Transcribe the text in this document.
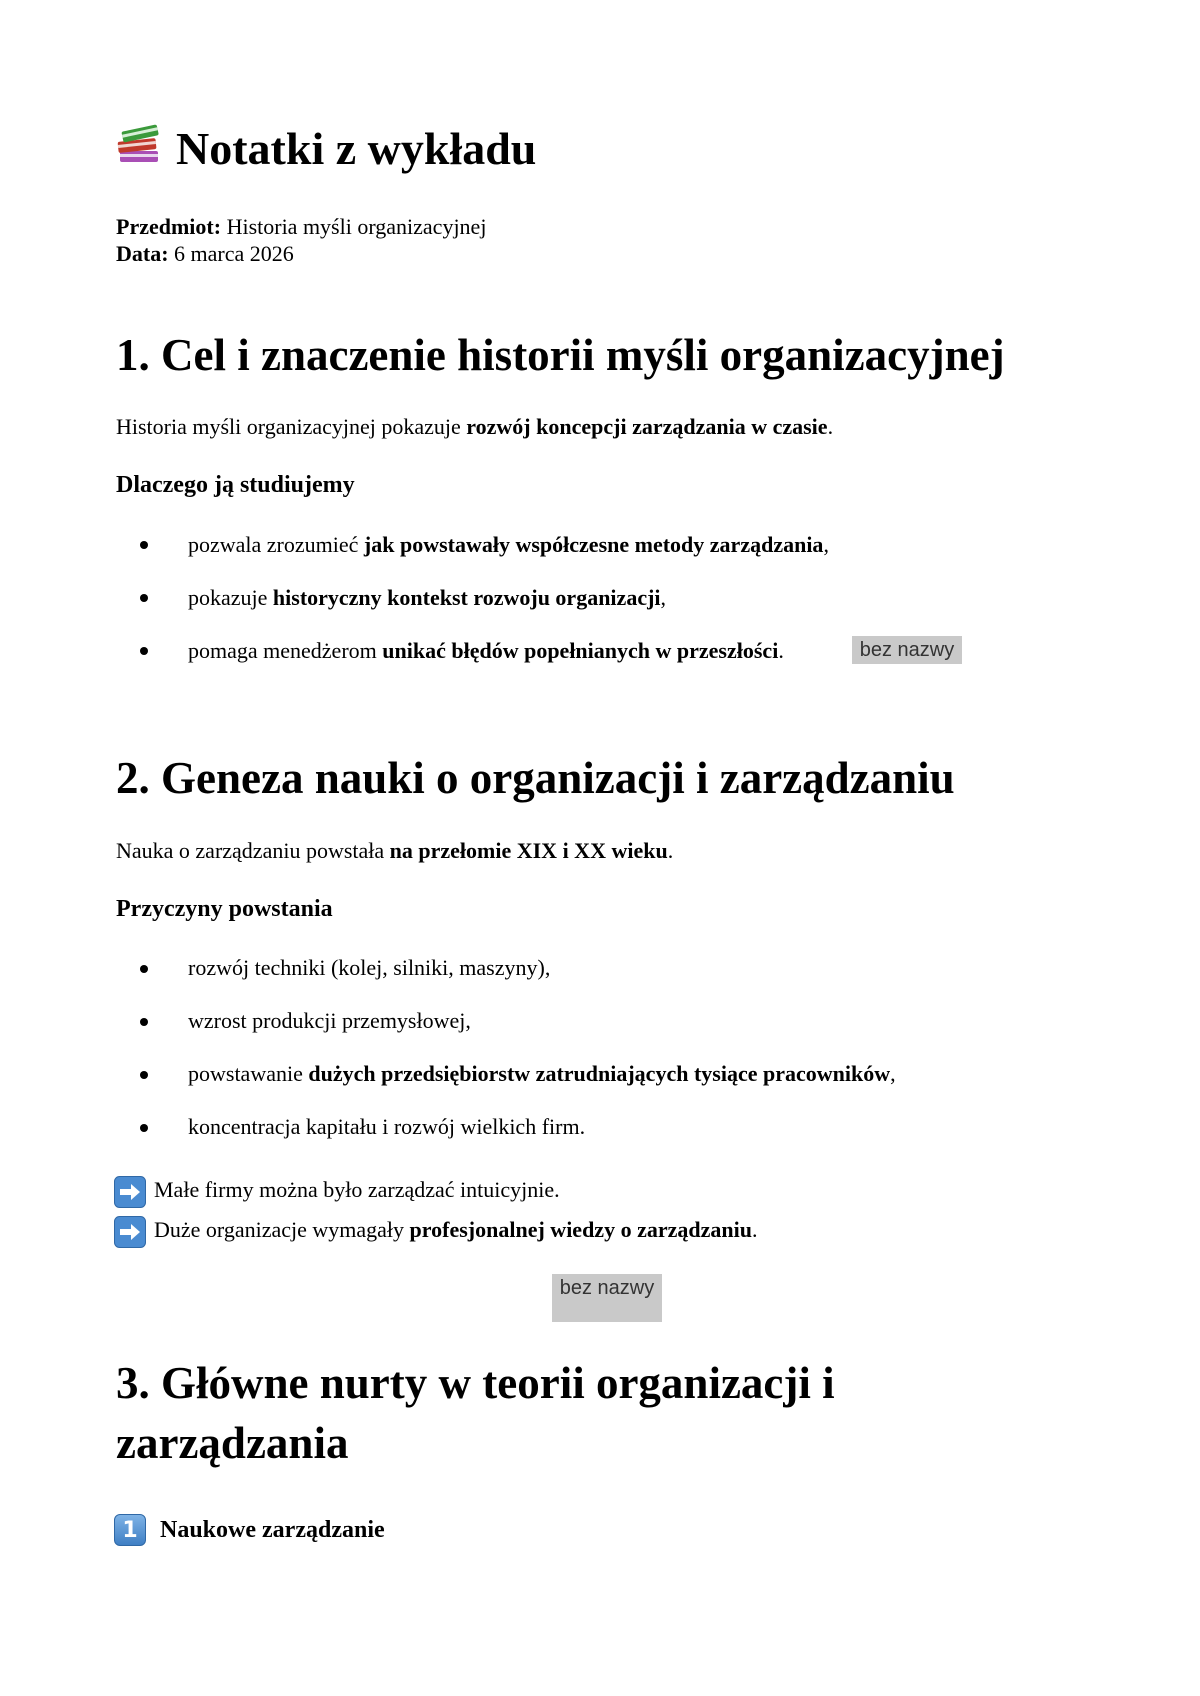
Notatki z wykładu
Przedmiot: Historia myśli organizacyjnej
Data: 6 marca 2026
1. Cel i znaczenie historii myśli organizacyjnej
Historia myśli organizacyjnej pokazuje rozwój koncepcji zarządzania w czasie.
Dlaczego ją studiujemy
pozwala zrozumieć jak powstawały współczesne metody zarządzania,
pokazuje historyczny kontekst rozwoju organizacji,
pomaga menedżerom unikać błędów popełnianych w przeszłości.	bez nazwy
2. Geneza nauki o organizacji i zarządzaniu
Nauka o zarządzaniu powstała na przełomie XIX i XX wieku.
Przyczyny powstania
rozwój techniki (kolej, silniki, maszyny),
wzrost produkcji przemysłowej,
powstawanie dużych przedsiębiorstw zatrudniających tysiące pracowników,
koncentracja kapitału i rozwój wielkich firm.
Małe firmy można było zarządzać intuicyjnie.
Duże organizacje wymagały profesjonalnej wiedzy o zarządzaniu.
bez nazwy
3. Główne nurty w teorii organizacji i
zarządzania
1 Naukowe zarządzanie
